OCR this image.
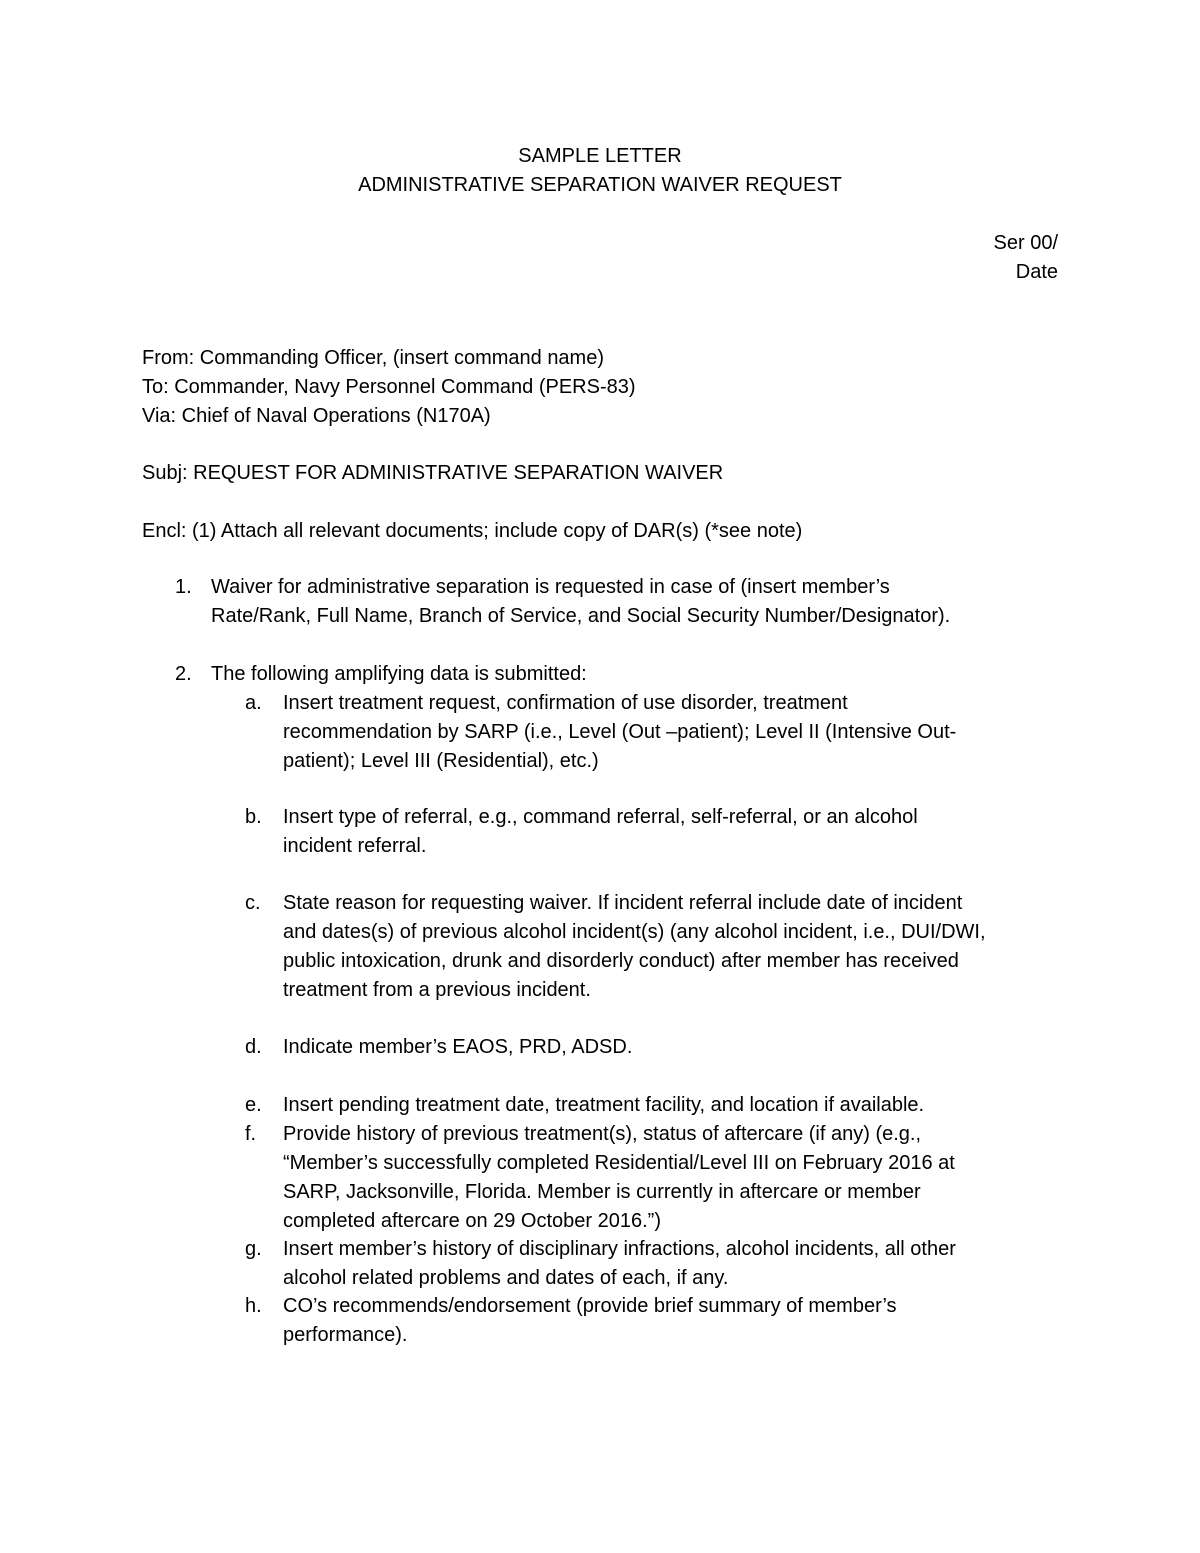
SAMPLE LETTER
ADMINISTRATIVE SEPARATION WAIVER REQUEST
Ser 00/
Date
From: Commanding Officer, (insert command name)
To: Commander, Navy Personnel Command (PERS-83)
Via: Chief of Naval Operations (N170A)
Subj: REQUEST FOR ADMINISTRATIVE SEPARATION WAIVER
Encl: (1) Attach all relevant documents; include copy of DAR(s) (*see note)
1. Waiver for administrative separation is requested in case of (insert member’s
Rate/Rank, Full Name, Branch of Service, and Social Security Number/Designator).
2. The following amplifying data is submitted:
a. Insert treatment request, confirmation of use disorder, treatment
recommendation by SARP (i.e., Level (Out –patient); Level II (Intensive Out-
patient); Level III (Residential), etc.)
b. Insert type of referral, e.g., command referral, self-referral, or an alcohol
incident referral.
c. State reason for requesting waiver. If incident referral include date of incident
and dates(s) of previous alcohol incident(s) (any alcohol incident, i.e., DUI/DWI,
public intoxication, drunk and disorderly conduct) after member has received
treatment from a previous incident.
d. Indicate member’s EAOS, PRD, ADSD.
e. Insert pending treatment date, treatment facility, and location if available.
f. Provide history of previous treatment(s), status of aftercare (if any) (e.g.,
“Member’s successfully completed Residential/Level III on February 2016 at
SARP, Jacksonville, Florida. Member is currently in aftercare or member
completed aftercare on 29 October 2016.”)
g. Insert member’s history of disciplinary infractions, alcohol incidents, all other
alcohol related problems and dates of each, if any.
h. CO’s recommends/endorsement (provide brief summary of member’s
performance).
